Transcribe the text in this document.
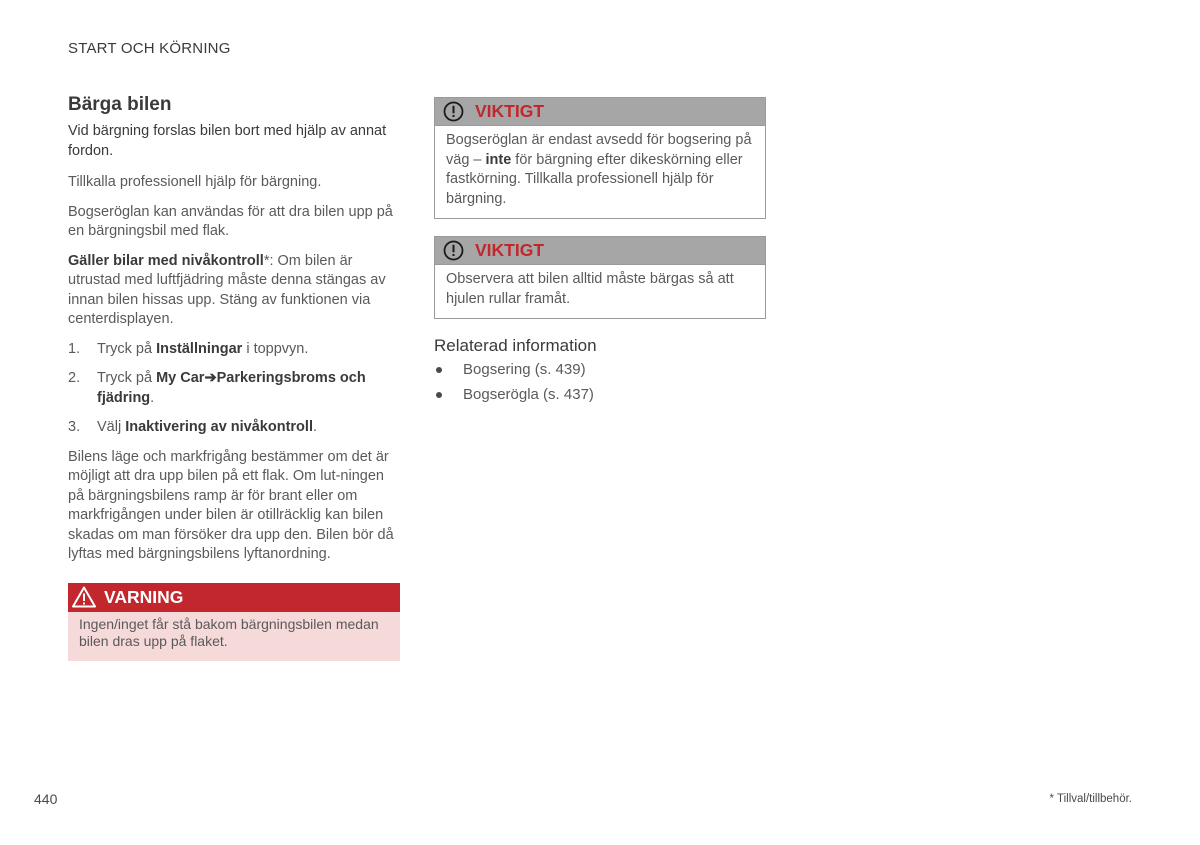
START OCH KÖRNING
Bärga bilen

Vid bärgning forslas bilen bort med hjälp av annat fordon.

Tillkalla professionell hjälp för bärgning.

Bogseröglan kan användas för att dra bilen upp på en bärgningsbil med flak.

Gäller bilar med nivåkontroll*: Om bilen är utrustad med luftfjädring måste denna stängas av innan bilen hissas upp. Stäng av funktionen via centerdisplayen.

1. Tryck på Inställningar i toppvyn.
2. Tryck på My Car➔Parkeringsbroms och fjädring.
3. Välj Inaktivering av nivåkontroll.

Bilens läge och markfrigång bestämmer om det är möjligt att dra upp bilen på ett flak. Om lut-ningen på bärgningsbilens ramp är för brant eller om markfrigången under bilen är otillräcklig kan bilen skadas om man försöker dra upp den. Bilen bör då lyftas med bärgningsbilens lyftanordning.

VARNING
Ingen/inget får stå bakom bärgningsbilen medan bilen dras upp på flaket.
VIKTIGT
Bogseröglan är endast avsedd för bogsering på väg – inte för bärgning efter dikeskörning eller fastkörning. Tillkalla professionell hjälp för bärgning.
VIKTIGT
Observera att bilen alltid måste bärgas så att hjulen rullar framåt.
Relaterad information
Bogsering (s. 439)
Bogserögla (s. 437)
440	* Tillval/tillbehör.
